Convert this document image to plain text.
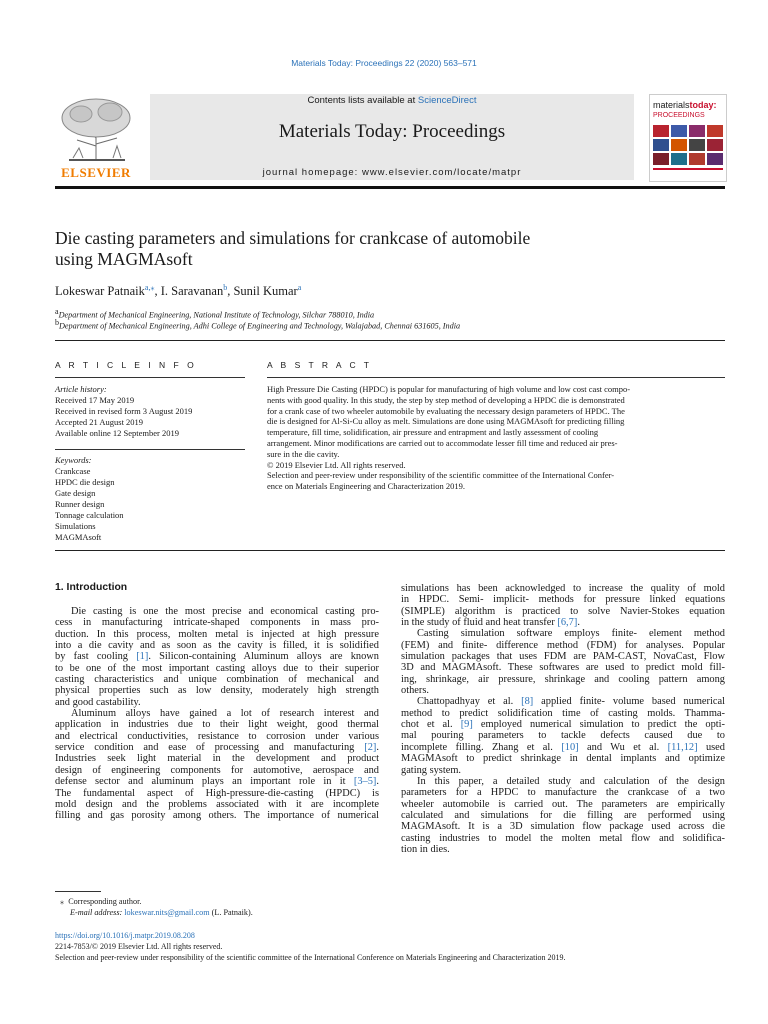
Materials Today: Proceedings 22 (2020) 563–571
ELSEVIER
Contents lists available at ScienceDirect
Materials Today: Proceedings
journal homepage: www.elsevier.com/locate/matpr
materialstoday:
PROCEEDINGS
Die casting parameters and simulations for crankcase of automobile
using MAGMAsoft
Lokeswar Patnaik$^{a,⁎}$, I. Saravanan$^b$, Sunil Kumar$^a$
$^a$Department of Mechanical Engineering, National Institute of Technology, Silchar 788010, India
$^b$Department of Mechanical Engineering, Adhi College of Engineering and Technology, Walajabad, Chennai 631605, India
A R T I C L E I N F O
Article history:
Received 17 May 2019
Received in revised form 3 August 2019
Accepted 21 August 2019
Available online 12 September 2019
Keywords:
Crankcase
HPDC die design
Gate design
Runner design
Tonnage calculation
Simulations
MAGMAsoft
A B S T R A C T

High Pressure Die Casting (HPDC) is popular for manufacturing of high volume and low cost cast compo-

nents with good quality. In this study, the step by step method of developing a HPDC die is demonstrated

for a crank case of two wheeler automobile by evaluating the necessary design parameters of HPDC. The

die is designed for Al-Si-Cu alloy as melt. Simulations are done using MAGMAsoft for predicting filling

temperature, fill time, solidification, air pressure and entrapment and lastly assessment of cooling

arrangement. Minor modifications are carried out to accommodate lesser fill time and reduced air pres-

sure in the die cavity.

© 2019 Elsevier Ltd. All rights reserved.

Selection and peer-review under responsibility of the scientific committee of the International Confer-

ence on Materials Engineering and Characterization 2019.

1. Introduction
Die casting is one the most precise and economical casting pro-
cess in manufacturing intricate-shaped components in mass pro-
duction. In this process, molten metal is injected at high pressure
into a die cavity and as soon as the cavity is filled, it is solidified
by fast cooling [1]. Silicon-containing Aluminum alloys are known
to be one of the most important casting alloys due to their superior
casting characteristics and unique combination of mechanical and
physical properties such as low density, moderately high strength
and good castability.
Aluminum alloys have gained a lot of research interest and
application in industries due to their light weight, good thermal
and electrical conductivities, resistance to corrosion under various
service condition and ease of processing and manufacturing [2].
Industries seek light material in the development and product
design of engineering components for automotive, aerospace and
defense sector and aluminum plays an important role in it [3–5].
The fundamental aspect of High-pressure-die-casting (HPDC) is
mold design and the problems associated with it are incomplete
filling and gas porosity among others. The importance of numerical
simulations has been acknowledged to increase the quality of mold
in HPDC. Semi- implicit- methods for pressure linked equations
(SIMPLE) algorithm is practiced to solve Navier-Stokes equation
in the study of fluid and heat transfer [6,7].
Casting simulation software employs finite- element method
(FEM) and finite- difference method (FDM) for analyses. Popular
simulation packages that uses FDM are PAM-CAST, NovaCast, Flow
3D and MAGMAsoft. These softwares are used to predict mold fill-
ing, shrinkage, air pressure, shrinkage and cooling pattern among
others.
Chattopadhyay et al. [8] applied finite- volume based numerical
method to predict solidification time of casting molds. Thamma-
chot et al. [9] employed numerical simulation to predict the opti-
mal pouring parameters to tackle defects caused due to
incomplete filling. Zhang et al. [10] and Wu et al. [11,12] used
MAGMAsoft to predict shrinkage in dental implants and optimize
gating system.
In this paper, a detailed study and calculation of the design
parameters for a HPDC to manufacture the crankcase of a two
wheeler automobile is carried out. The parameters are empirically
calculated and simulations for die filling are performed using
MAGMAsoft. It is a 3D simulation flow package used across die
casting industries to model the molten metal flow and solidifica-
tion in dies.
⁎ Corresponding author.
E-mail address: lokeswar.nits@gmail.com (L. Patnaik).
https://doi.org/10.1016/j.matpr.2019.08.208
2214-7853/© 2019 Elsevier Ltd. All rights reserved.
Selection and peer-review under responsibility of the scientific committee of the International Conference on Materials Engineering and Characterization 2019.
